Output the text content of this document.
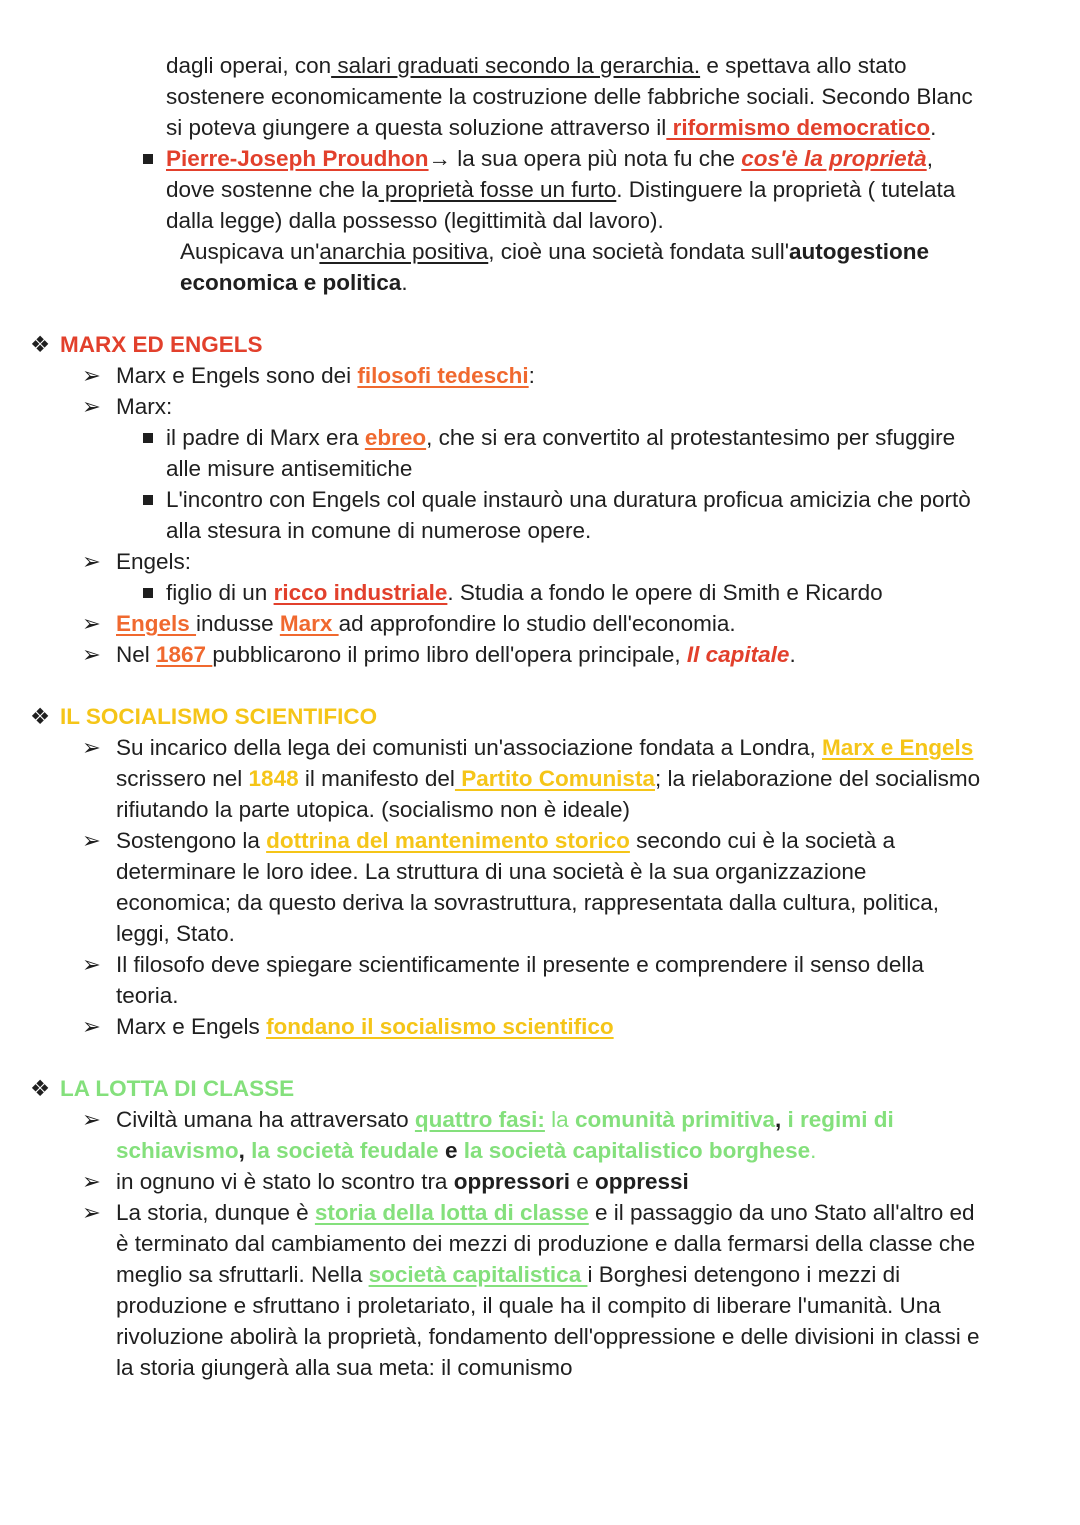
dagli operai, con salari graduati secondo la gerarchia. e spettava allo stato
sostenere economicamente la costruzione delle fabbriche sociali. Secondo Blanc
si poteva giungere a questa soluzione attraverso il riformismo democratico.
Pierre-Joseph Proudhon→ la sua opera più nota fu che cos'è la proprietà,
dove sostenne che la proprietà fosse un furto. Distinguere la proprietà ( tutelata
dalla legge) dalla possesso (legittimità dal lavoro).
Auspicava un'anarchia positiva, cioè una società fondata sull'autogestione
economica e politica.
❖ MARX ED ENGELS
➢ Marx e Engels sono dei filosofi tedeschi:
➢ Marx:
il padre di Marx era ebreo, che si era convertito al protestantesimo per sfuggire
alle misure antisemitiche
L'incontro con Engels col quale instaurò una duratura proficua amicizia che portò
alla stesura in comune di numerose opere.
➢ Engels:
figlio di un ricco industriale. Studia a fondo le opere di Smith e Ricardo
➢ Engels indusse Marx ad approfondire lo studio dell'economia.
➢ Nel 1867 pubblicarono il primo libro dell'opera principale, Il capitale.
❖ IL SOCIALISMO SCIENTIFICO
➢ Su incarico della lega dei comunisti un'associazione fondata a Londra, Marx e Engels
scrissero nel 1848 il manifesto del Partito Comunista; la rielaborazione del socialismo
rifiutando la parte utopica. (socialismo non è ideale)
➢ Sostengono la dottrina del mantenimento storico secondo cui è la società a
determinare le loro idee. La struttura di una società è la sua organizzazione
economica; da questo deriva la sovrastruttura, rappresentata dalla cultura, politica,
leggi, Stato.
➢ Il filosofo deve spiegare scientificamente il presente e comprendere il senso della
teoria.
➢ Marx e Engels fondano il socialismo scientifico
❖ LA LOTTA DI CLASSE
➢ Civiltà umana ha attraversato quattro fasi: la comunità primitiva, i regimi di
schiavismo, la società feudale e la società capitalistico borghese.
➢ in ognuno vi è stato lo scontro tra oppressori e oppressi
➢ La storia, dunque è storia della lotta di classe e il passaggio da uno Stato all'altro ed
è terminato dal cambiamento dei mezzi di produzione e dalla fermarsi della classe che
meglio sa sfruttarli. Nella società capitalistica i Borghesi detengono i mezzi di
produzione e sfruttano i proletariato, il quale ha il compito di liberare l'umanità. Una
rivoluzione abolirà la proprietà, fondamento dell'oppressione e delle divisioni in classi e
la storia giungerà alla sua meta: il comunismo
